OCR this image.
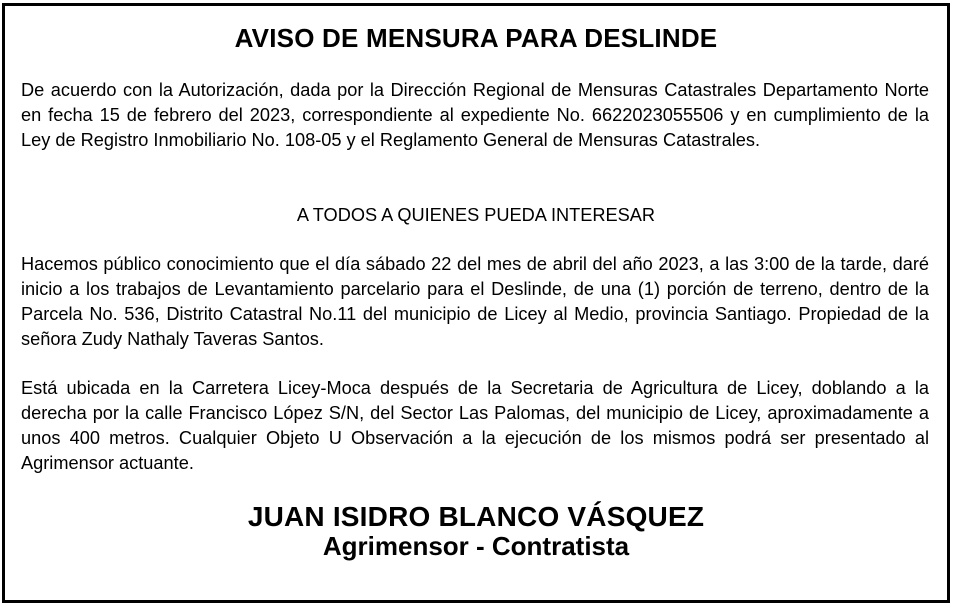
AVISO DE MENSURA PARA DESLINDE

De acuerdo con la Autorización, dada por la Dirección Regional de Mensuras Catastrales Departamento Norte en fecha 15 de febrero del 2023, correspondiente al expediente No. 6622023055506 y en cumplimiento de la Ley de Registro Inmobiliario No. 108-05 y el Reglamento General de Mensuras Catastrales.

A TODOS A QUIENES PUEDA INTERESAR

Hacemos público conocimiento que el día sábado 22 del mes de abril del año 2023, a las 3:00 de la tarde, daré inicio a los trabajos de Levantamiento parcelario para el Deslinde, de una (1) porción de terreno, dentro de la Parcela No. 536, Distrito Catastral No.11 del municipio de Licey al Medio, provincia Santiago. Propiedad de la señora Zudy Nathaly Taveras Santos.

Está ubicada en la Carretera Licey-Moca después de la Secretaria de Agricultura de Licey, doblando a la derecha por la calle Francisco López S/N, del Sector Las Palomas, del municipio de Licey, aproximadamente a unos 400 metros. Cualquier Objeto U Observación a la ejecución de los mismos podrá ser presentado al Agrimensor actuante.

JUAN ISIDRO BLANCO VÁSQUEZ
Agrimensor - Contratista
